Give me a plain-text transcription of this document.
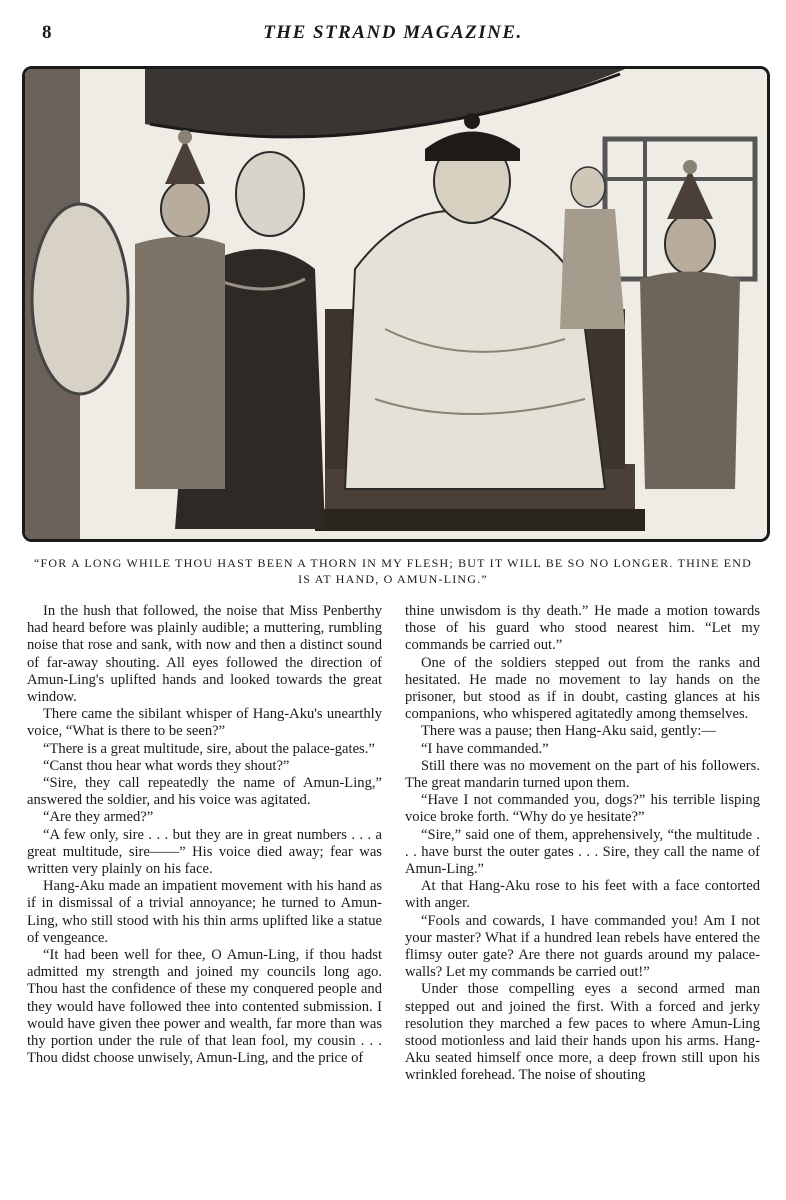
8	THE STRAND MAGAZINE.
“FOR A LONG WHILE THOU HAST BEEN A THORN IN MY FLESH; BUT IT WILL BE SO NO LONGER. THINE END IS AT HAND, O AMUN-LING.”

In the hush that followed, the noise that Miss Penberthy had heard before was plainly audible; a muttering, rumbling noise that rose and sank, with now and then a distinct sound of far-away shouting. All eyes followed the direction of Amun-Ling's uplifted hands and looked towards the great window.

There came the sibilant whisper of Hang-Aku's unearthly voice, “What is there to be seen?”

“There is a great multitude, sire, about the palace-gates.”

“Canst thou hear what words they shout?”

“Sire, they call repeatedly the name of Amun-Ling,” answered the soldier, and his voice was agitated.

“Are they armed?”

“A few only, sire . . . but they are in great numbers . . . a great multitude, sire——” His voice died away; fear was written very plainly on his face.

Hang-Aku made an impatient movement with his hand as if in dismissal of a trivial annoyance; he turned to Amun-Ling, who still stood with his thin arms uplifted like a statue of vengeance.

“It had been well for thee, O Amun-Ling, if thou hadst admitted my strength and joined my councils long ago. Thou hast the confidence of these my conquered people and they would have followed thee into contented submission. I would have given thee power and wealth, far more than was thy portion under the rule of that lean fool, my cousin . . . Thou didst choose unwisely, Amun-Ling, and the price of

thine unwisdom is thy death.” He made a motion towards those of his guard who stood nearest him. “Let my commands be carried out.”

One of the soldiers stepped out from the ranks and hesitated. He made no movement to lay hands on the prisoner, but stood as if in doubt, casting glances at his companions, who whispered agitatedly among themselves.

There was a pause; then Hang-Aku said, gently:—

“I have commanded.”

Still there was no movement on the part of his followers. The great mandarin turned upon them.

“Have I not commanded you, dogs?” his terrible lisping voice broke forth. “Why do ye hesitate?”

“Sire,” said one of them, apprehensively, “the multitude . . . have burst the outer gates . . . Sire, they call the name of Amun-Ling.”

At that Hang-Aku rose to his feet with a face contorted with anger.

“Fools and cowards, I have commanded you! Am I not your master? What if a hundred lean rebels have entered the flimsy outer gate? Are there not guards around my palace-walls? Let my commands be carried out!”

Under those compelling eyes a second armed man stepped out and joined the first. With a forced and jerky resolution they marched a few paces to where Amun-Ling stood motionless and laid their hands upon his arms. Hang-Aku seated himself once more, a deep frown still upon his wrinkled forehead. The noise of shouting
